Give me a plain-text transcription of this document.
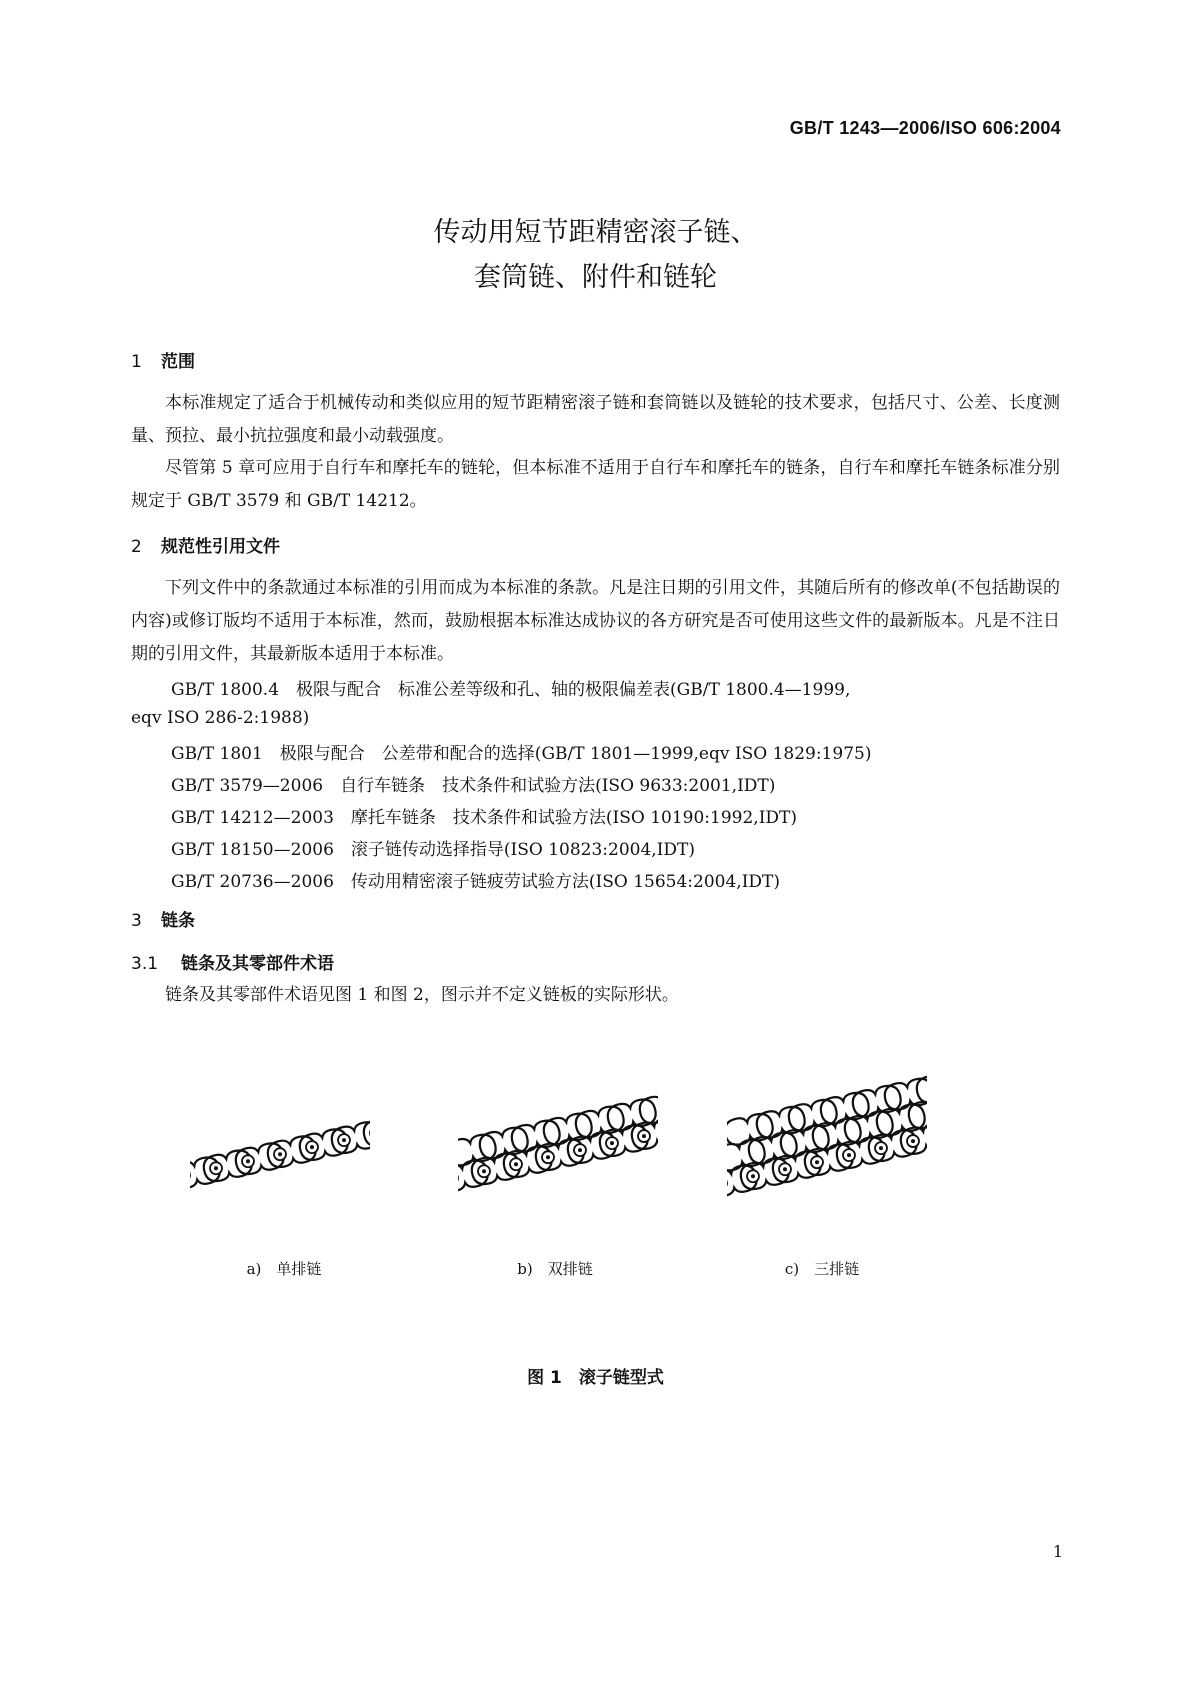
GB/T 1243—2006/ISO 606:2004
传动用短节距精密滚子链、
套筒链、附件和链轮
1 范围
本标准规定了适合于机械传动和类似应用的短节距精密滚子链和套筒链以及链轮的技术要求，包括尺寸、公差、长度测量、预拉、最小抗拉强度和最小动载强度。
尽管第 5 章可应用于自行车和摩托车的链轮，但本标准不适用于自行车和摩托车的链条，自行车和摩托车链条标准分别规定于 GB/T 3579 和 GB/T 14212。
2 规范性引用文件
下列文件中的条款通过本标准的引用而成为本标准的条款。凡是注日期的引用文件，其随后所有的修改单(不包括勘误的内容)或修订版均不适用于本标准，然而，鼓励根据本标准达成协议的各方研究是否可使用这些文件的最新版本。凡是不注日期的引用文件，其最新版本适用于本标准。
GB/T 1800.4　极限与配合　标准公差等级和孔、轴的极限偏差表(GB/T 1800.4—1999,
eqv ISO 286-2:1988)
GB/T 1801　极限与配合　公差带和配合的选择(GB/T 1801—1999,eqv ISO 1829:1975)
GB/T 3579—2006　自行车链条　技术条件和试验方法(ISO 9633:2001,IDT)
GB/T 14212—2003　摩托车链条　技术条件和试验方法(ISO 10190:1992,IDT)
GB/T 18150—2006　滚子链传动选择指导(ISO 10823:2004,IDT)
GB/T 20736—2006　传动用精密滚子链疲劳试验方法(ISO 15654:2004,IDT)
3 链条
3.1 链条及其零部件术语
链条及其零部件术语见图 1 和图 2，图示并不定义链板的实际形状。
a)　单排链	b)　双排链	c)　三排链
图 1　滚子链型式
1
